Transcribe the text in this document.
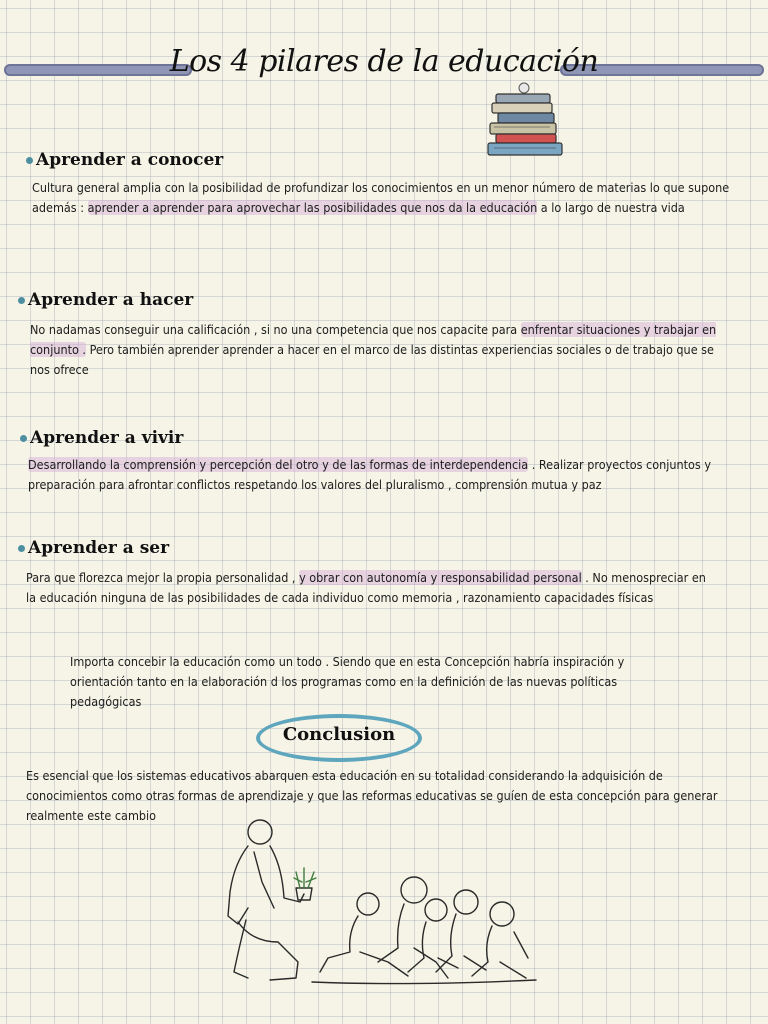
Los 4 pilares de la educación
Aprender a conocer
Cultura general amplia con la posibilidad de profundizar los conocimientos en un menor número de materias lo que supone además : aprender a aprender para aprovechar las posibilidades que nos da la educación a lo largo de nuestra vida
Aprender a hacer
No nadamas conseguir una calificación , si no una competencia que nos capacite para enfrentar situaciones y trabajar en conjunto . Pero también aprender aprender a hacer en el marco de las distintas experiencias sociales o de trabajo que se nos ofrece
Aprender a vivir
Desarrollando la comprensión y percepción del otro y de las formas de interdependencia . Realizar proyectos conjuntos y preparación para afrontar conflictos respetando los valores del pluralismo , comprensión mutua y paz
Aprender a ser
Para que florezca mejor la propia personalidad , y obrar con autonomía y responsabilidad personal . No menospreciar en la educación ninguna de las posibilidades de cada individuo como memoria , razonamiento capacidades físicas
Importa concebir la educación como un todo . Siendo que en esta Concepción habría inspiración y orientación tanto en la elaboración d los programas como en la definición de las nuevas políticas pedagógicas
Conclusion
Es esencial que los sistemas educativos abarquen esta educación en su totalidad considerando la adquisición de conocimientos como otras formas de aprendizaje y que las reformas educativas se guíen de esta concepción para generar realmente este cambio
